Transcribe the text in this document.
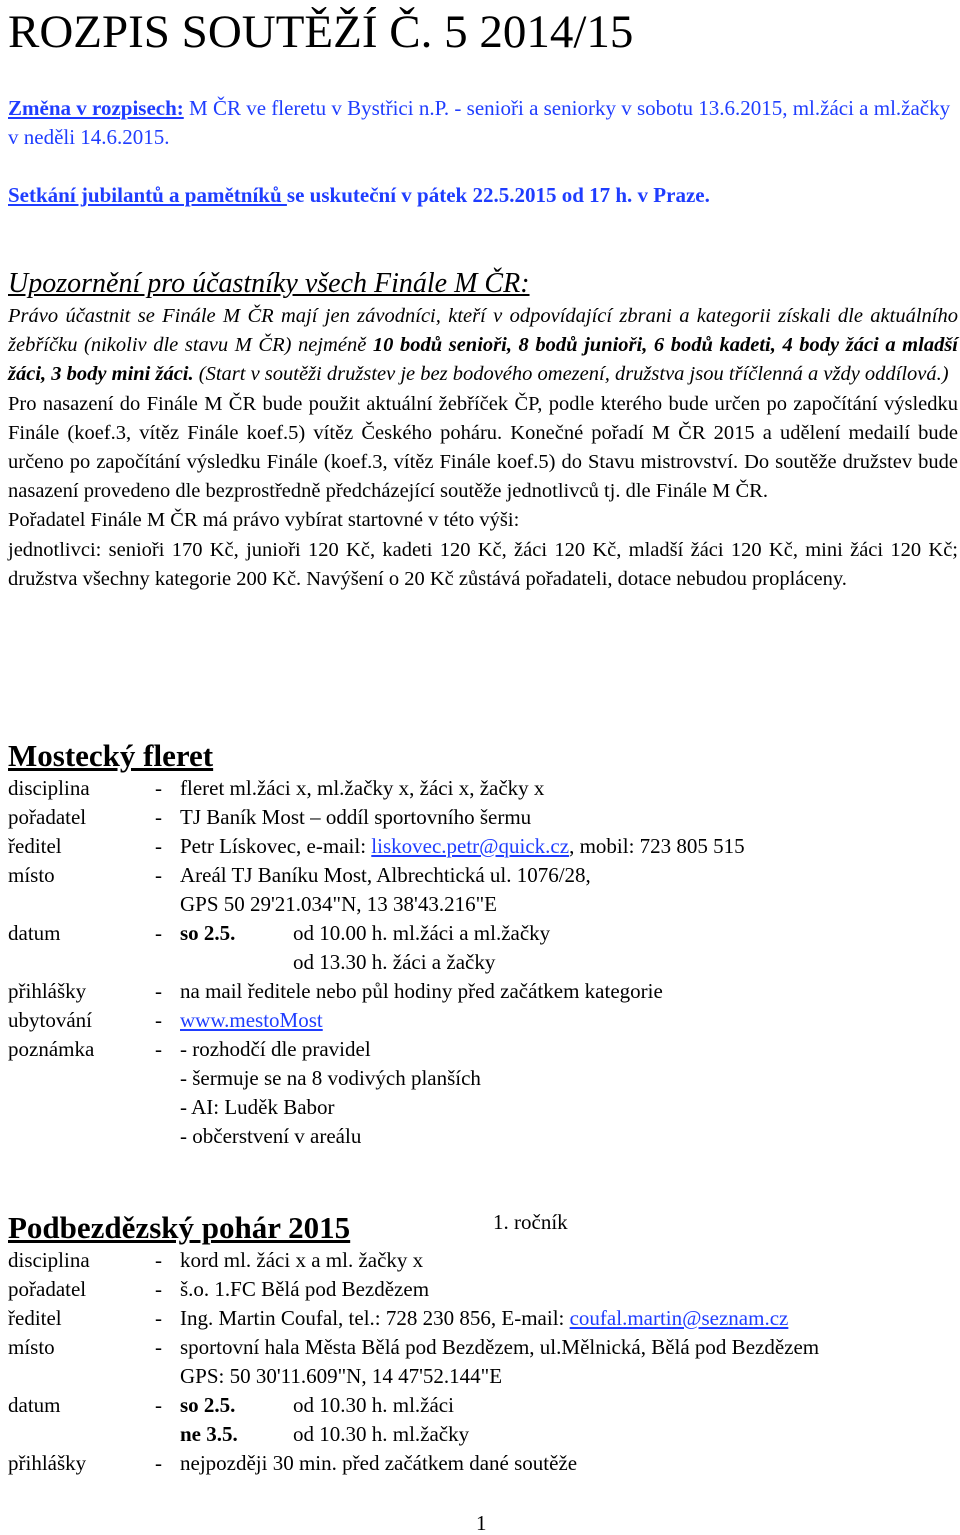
ROZPIS SOUTĚŽÍ Č. 5 2014/15

Změna v rozpisech: M ČR ve fleretu v Bystřici n.P. - senioři a seniorky v sobotu 13.6.2015, ml.žáci a ml.žačky v neděli 14.6.2015.

Setkání jubilantů a pamětníků se uskuteční v pátek 22.5.2015 od 17 h. v Praze.

Upozornění pro účastníky všech Finále M ČR:
Právo účastnit se Finále M ČR mají jen závodníci, kteří v odpovídající zbrani a kategorii získali dle aktuálního žebříčku (nikoliv dle stavu M ČR) nejméně 10 bodů senioři, 8 bodů junioři, 6 bodů kadeti, 4 body žáci a mladší žáci, 3 body mini žáci. (Start v soutěži družstev je bez bodového omezení, družstva jsou tříčlenná a vždy oddílová.)
Pro nasazení do Finále M ČR bude použit aktuální žebříček ČP, podle kterého bude určen po započítání výsledku Finále (koef.3, vítěz Finále koef.5) vítěz Českého poháru. Konečné pořadí M ČR 2015 a udělení medailí bude určeno po započítání výsledku Finále (koef.3, vítěz Finále koef.5) do Stavu mistrovství. Do soutěže družstev bude nasazení provedeno dle bezprostředně předcházející soutěže jednotlivců tj. dle Finále M ČR.
Pořadatel Finále M ČR má právo vybírat startovné v této výši:
jednotlivci: senioři 170 Kč, junioři 120 Kč, kadeti 120 Kč, žáci 120 Kč, mladší žáci 120 Kč, mini žáci 120 Kč; družstva všechny kategorie 200 Kč. Navýšení o 20 Kč zůstává pořadateli, dotace nebudou propláceny.
Mostecký fleret
disciplina	- fleret ml.žáci x, ml.žačky x, žáci x, žačky x
pořadatel	- TJ Baník Most – oddíl sportovního šermu
ředitel	- Petr Lískovec, e-mail: liskovec.petr@quick.cz, mobil: 723 805 515
místo	- Areál TJ Baníku Most, Albrechtická ul. 1076/28,
GPS 50 29'21.034"N, 13 38'43.216"E
datum	- so 2.5.	od 10.00 h. ml.žáci a ml.žačky
od 13.30 h. žáci a žačky
přihlášky	- na mail ředitele nebo půl hodiny před začátkem kategorie
ubytování	- www.mestoMost
poznámka	- - rozhodčí dle pravidel
- šermuje se na 8 vodivých planších
- AI: Luděk Babor
- občerstvení v areálu
Podbezdězský pohár 2015	1. ročník
disciplina	- kord ml. žáci x a ml. žačky x
pořadatel	- š.o. 1.FC Bělá pod Bezdězem
ředitel	- Ing. Martin Coufal, tel.: 728 230 856, E-mail: coufal.martin@seznam.cz
místo	- sportovní hala Města Bělá pod Bezdězem, ul.Mělnická, Bělá pod Bezdězem
GPS: 50 30'11.609"N, 14 47'52.144"E
datum	- so 2.5.	od 10.30 h. ml.žáci
ne 3.5.	od 10.30 h. ml.žačky
přihlášky	- nejpozději 30 min. před začátkem dané soutěže
1
